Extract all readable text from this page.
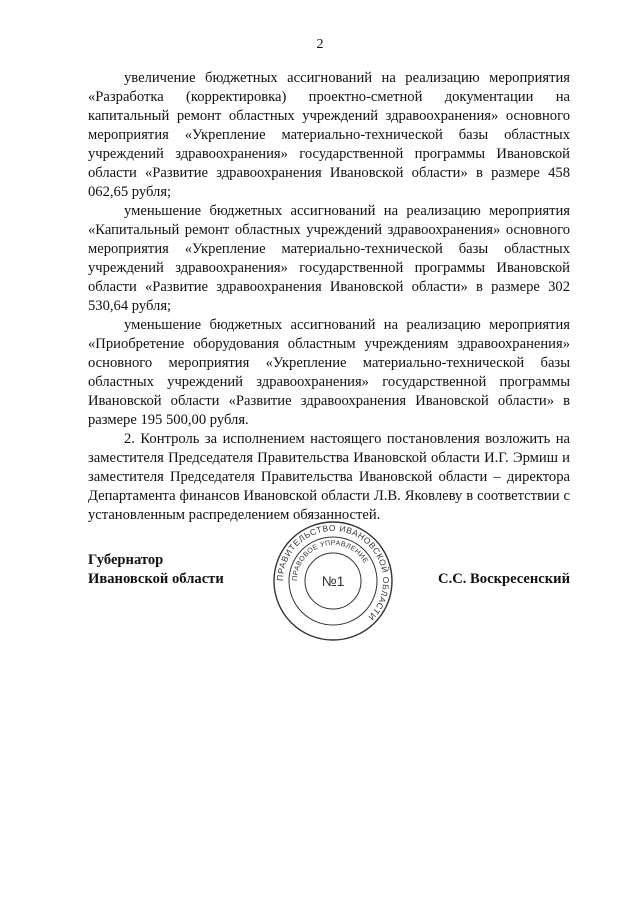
2

увеличение бюджетных ассигнований на реализацию мероприятия «Разработка (корректировка) проектно-сметной документации на капитальный ремонт областных учреждений здравоохранения» основного мероприятия «Укрепление материально-технической базы областных учреждений здравоохранения» государственной программы Ивановской области «Развитие здравоохранения Ивановской области» в размере 458 062,65 рубля;

уменьшение бюджетных ассигнований на реализацию мероприятия «Капитальный ремонт областных учреждений здравоохранения» основного мероприятия «Укрепление материально-технической базы областных учреждений здравоохранения» государственной программы Ивановской области «Развитие здравоохранения Ивановской области» в размере 302 530,64 рубля;

уменьшение бюджетных ассигнований на реализацию мероприятия «Приобретение оборудования областным учреждениям здравоохранения» основного мероприятия «Укрепление материально-технической базы областных учреждений здравоохранения» государственной программы Ивановской области «Развитие здравоохранения Ивановской области» в размере 195 500,00 рубля.

2. Контроль за исполнением настоящего постановления возложить на заместителя Председателя Правительства Ивановской области И.Г. Эрмиш и заместителя Председателя Правительства Ивановской области – директора Департамента финансов Ивановской области Л.В. Яковлеву в соответствии с установленным распределением обязанностей.

Губернатор
Ивановской области	С.С. Воскресенский
ПРАВИТЕЛЬСТВО ИВАНОВСКОЙ ОБЛАСТИ
ПРАВОВОЕ УПРАВЛЕНИЕ
№1
